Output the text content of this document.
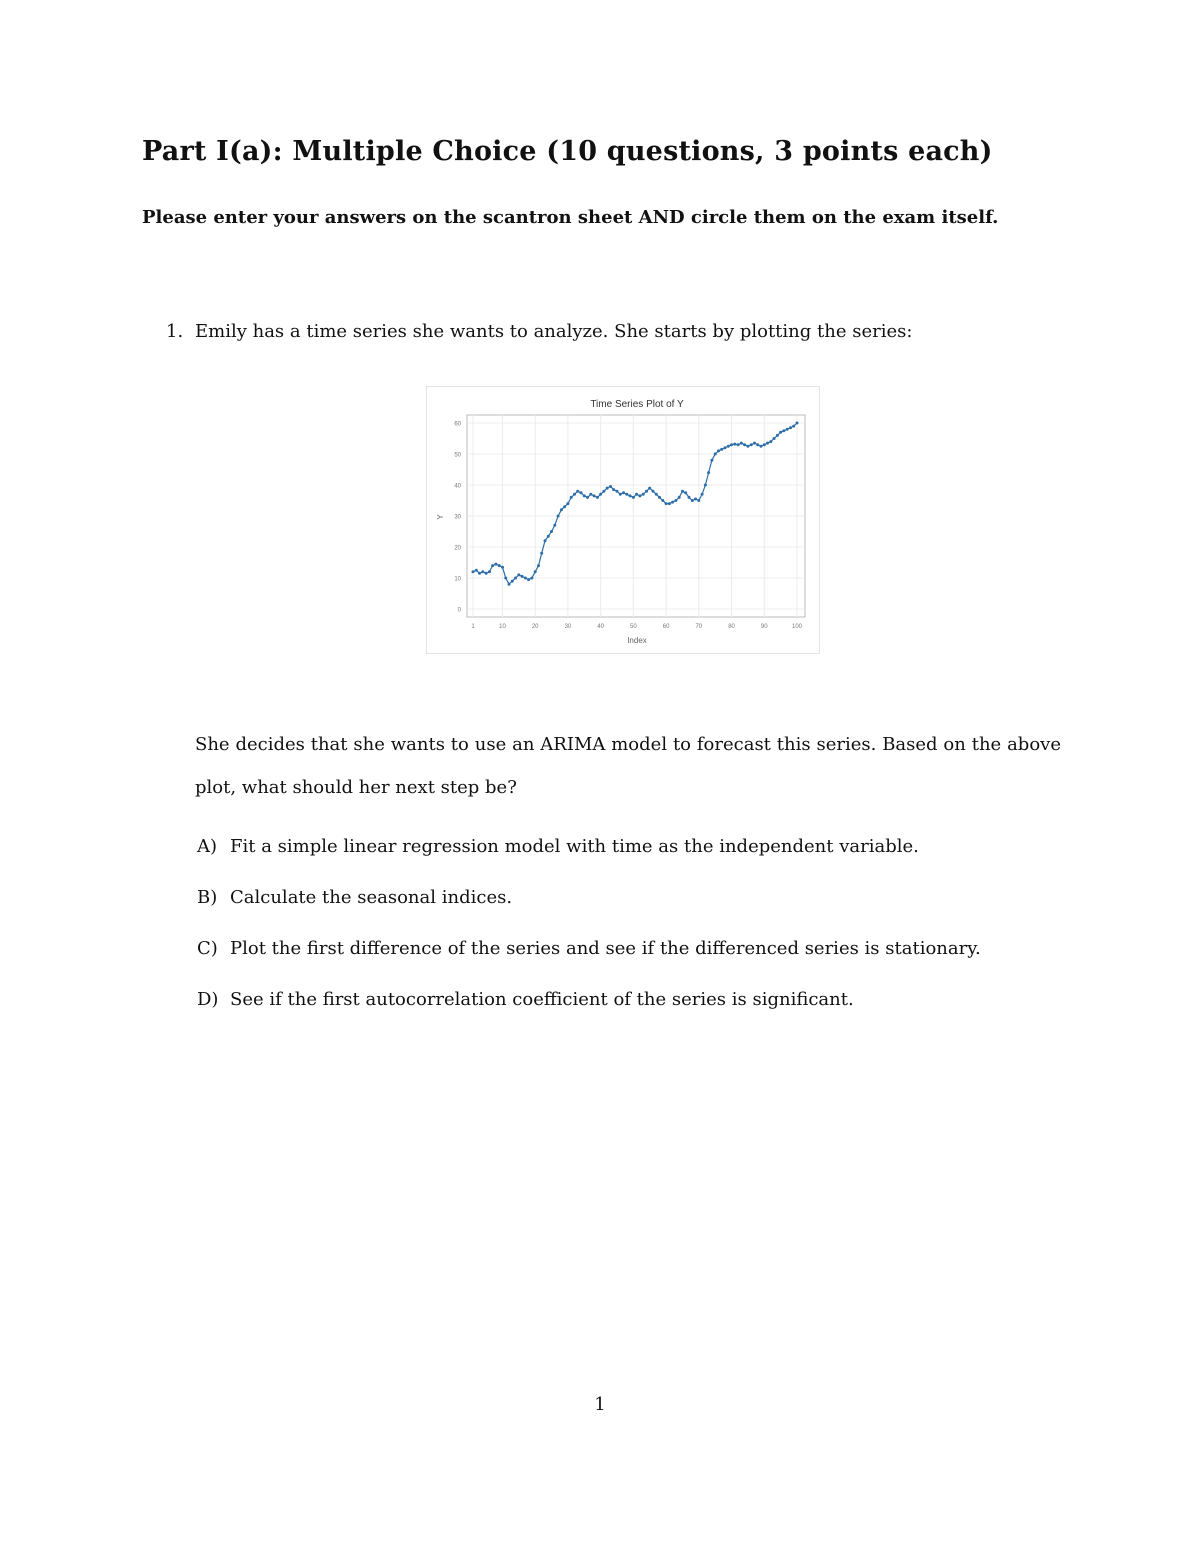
Part I(a): Multiple Choice (10 questions, 3 points each)

Please enter your answers on the scantron sheet AND circle them on the exam itself.

1. Emily has a time series she wants to analyze. She starts by plotting the series:
Time Series Plot of Y
0
10
20
30
40
50
60
1	10	20	30	40	50	60	70	80	90	100
Index
Y

She decides that she wants to use an ARIMA model to forecast this series. Based on the above plot, what should her next step be?

A) Fit a simple linear regression model with time as the independent variable.
B) Calculate the seasonal indices.
C) Plot the first difference of the series and see if the differenced series is stationary.
D) See if the first autocorrelation coefficient of the series is significant.
1
